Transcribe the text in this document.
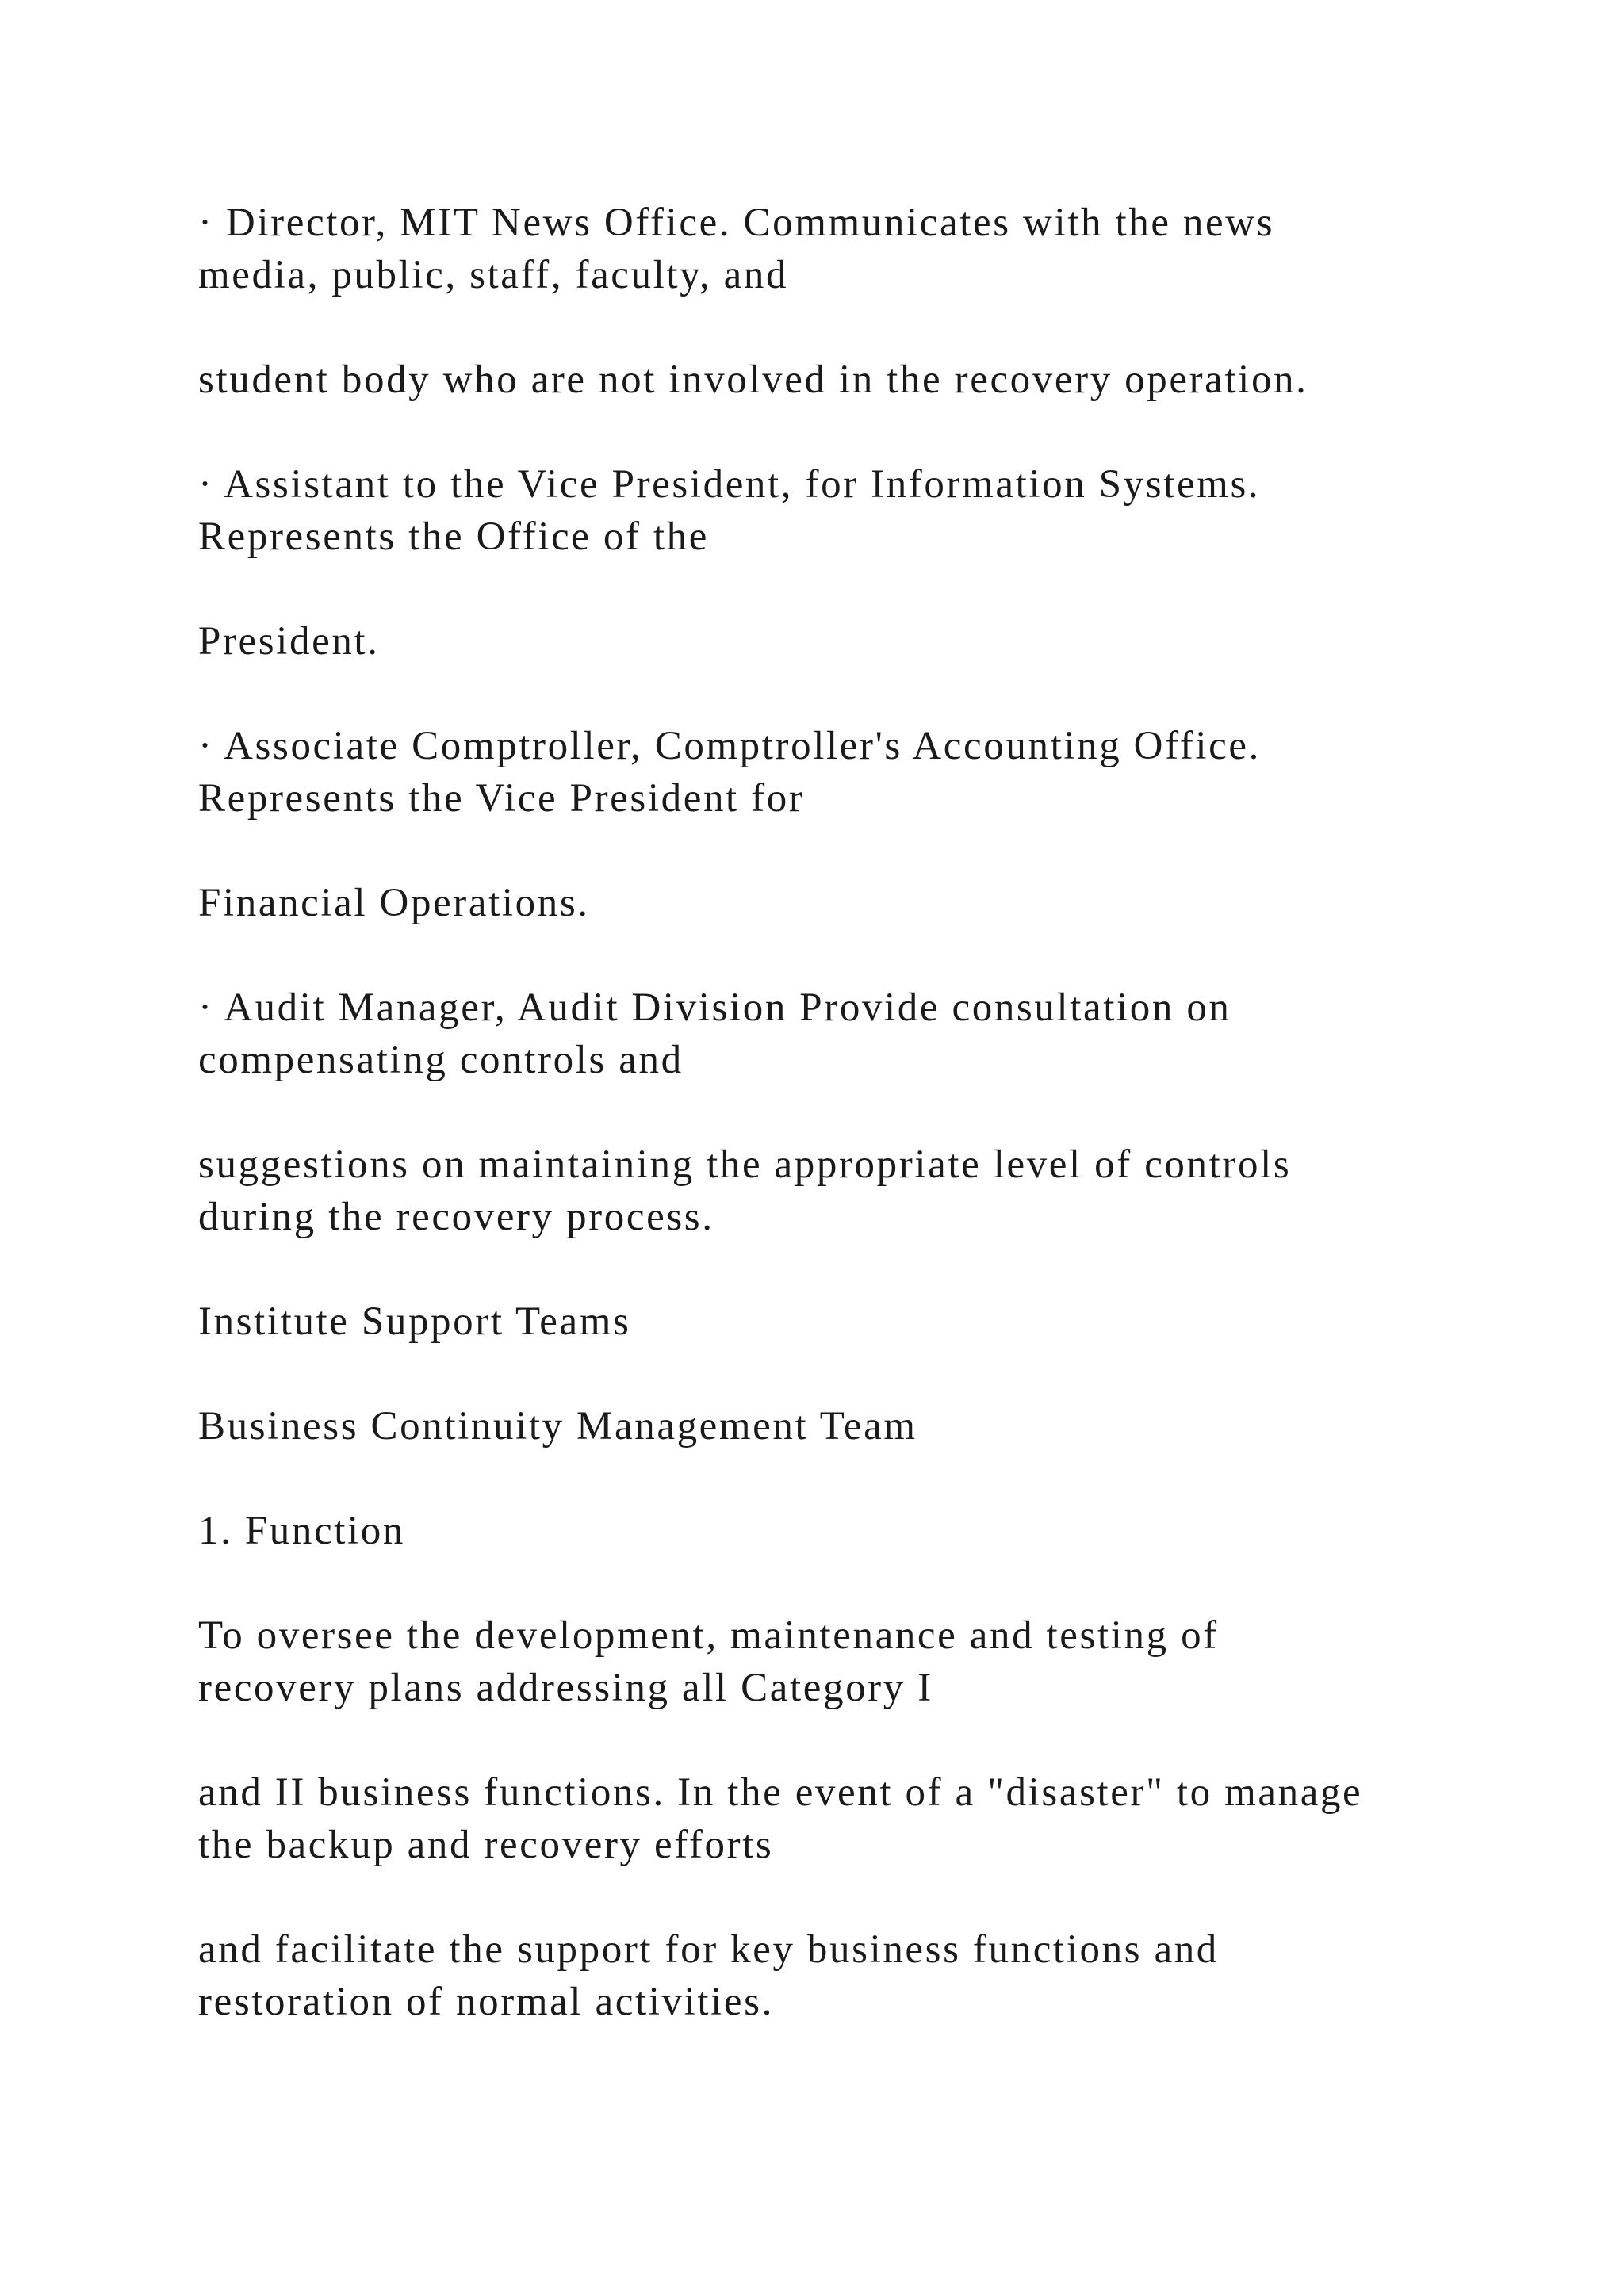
· Director, MIT News Office. Communicates with the news
media, public, staff, faculty, and

student body who are not involved in the recovery operation.

· Assistant to the Vice President, for Information Systems.
Represents the Office of the

President.

· Associate Comptroller, Comptroller's Accounting Office.
Represents the Vice President for

Financial Operations.

· Audit Manager, Audit Division Provide consultation on
compensating controls and

suggestions on maintaining the appropriate level of controls
during the recovery process.

Institute Support Teams

Business Continuity Management Team

1. Function

To oversee the development, maintenance and testing of
recovery plans addressing all Category I

and II business functions. In the event of a "disaster" to manage
the backup and recovery efforts

and facilitate the support for key business functions and
restoration of normal activities.
